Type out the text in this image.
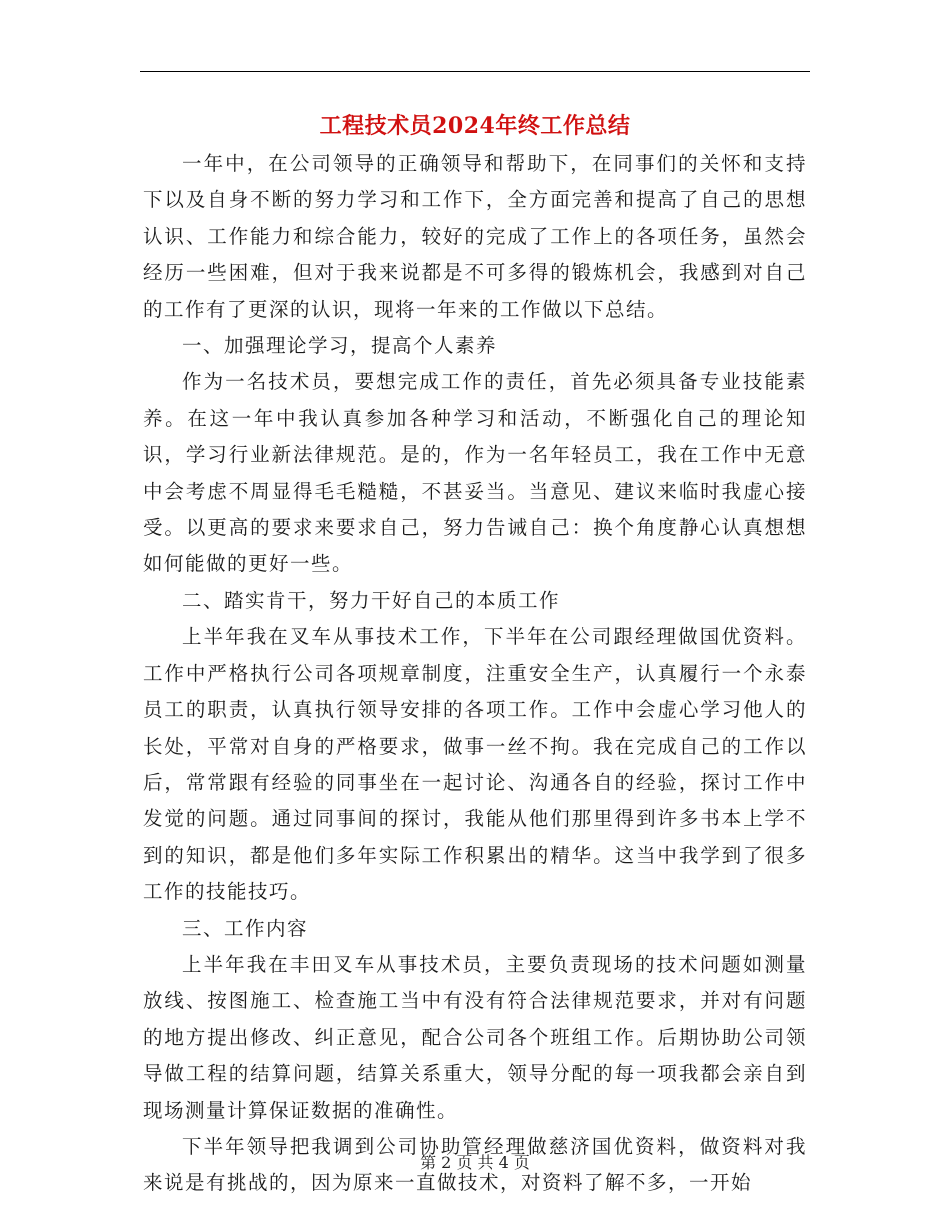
工程技术员2024年终工作总结

一年中，在公司领导的正确领导和帮助下，在同事们的关怀和支持下以及自身不断的努力学习和工作下，全方面完善和提高了自己的思想认识、工作能力和综合能力，较好的完成了工作上的各项任务，虽然会经历一些困难，但对于我来说都是不可多得的锻炼机会，我感到对自己的工作有了更深的认识，现将一年来的工作做以下总结。

一、加强理论学习，提高个人素养

作为一名技术员，要想完成工作的责任，首先必须具备专业技能素养。在这一年中我认真参加各种学习和活动，不断强化自己的理论知识，学习行业新法律规范。是的，作为一名年轻员工，我在工作中无意中会考虑不周显得毛毛糙糙，不甚妥当。当意见、建议来临时我虚心接受。以更高的要求来要求自己，努力告诫自己：换个角度静心认真想想如何能做的更好一些。

二、踏实肯干，努力干好自己的本质工作

上半年我在叉车从事技术工作，下半年在公司跟经理做国优资料。工作中严格执行公司各项规章制度，注重安全生产，认真履行一个永泰员工的职责，认真执行领导安排的各项工作。工作中会虚心学习他人的长处，平常对自身的严格要求，做事一丝不拘。我在完成自己的工作以后，常常跟有经验的同事坐在一起讨论、沟通各自的经验，探讨工作中发觉的问题。通过同事间的探讨，我能从他们那里得到许多书本上学不到的知识，都是他们多年实际工作积累出的精华。这当中我学到了很多工作的技能技巧。

三、工作内容

上半年我在丰田叉车从事技术员，主要负责现场的技术问题如测量放线、按图施工、检查施工当中有没有符合法律规范要求，并对有问题的地方提出修改、纠正意见，配合公司各个班组工作。后期协助公司领导做工程的结算问题，结算关系重大，领导分配的每一项我都会亲自到现场测量计算保证数据的准确性。

下半年领导把我调到公司协助管经理做慈济国优资料，做资料对我来说是有挑战的，因为原来一直做技术，对资料了解不多，一开始

第 2 页 共 4 页
